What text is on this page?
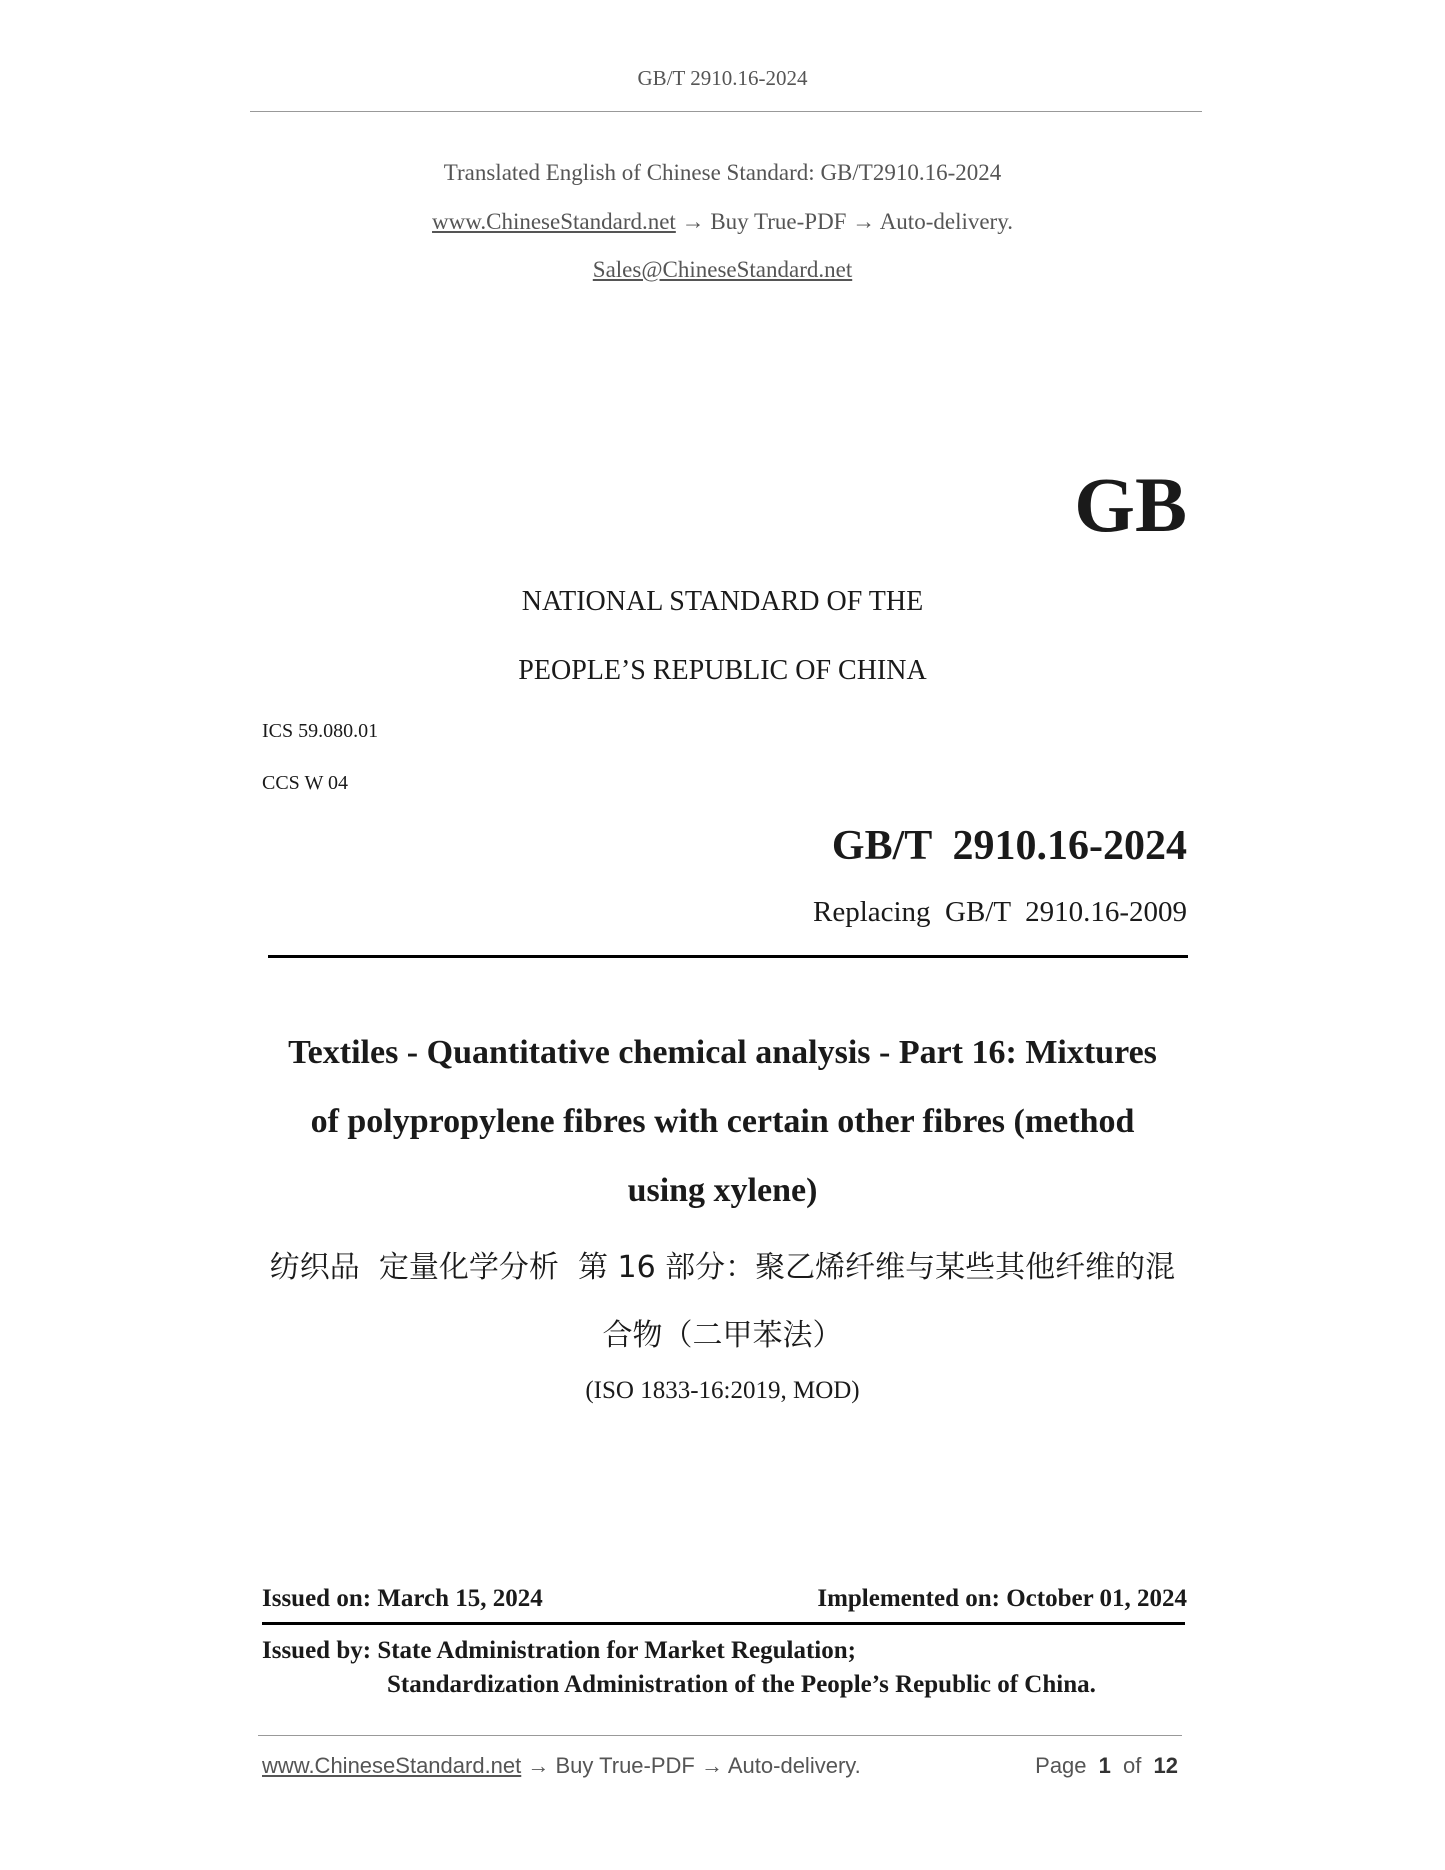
GB/T 2910.16-2024
Translated English of Chinese Standard: GB/T2910.16-2024
www.ChineseStandard.net → Buy True-PDF → Auto-delivery.
Sales@ChineseStandard.net
GB
NATIONAL STANDARD OF THE
PEOPLE’S REPUBLIC OF CHINA
ICS 59.080.01
CCS W 04
GB/T  2910.16-2024
Replacing  GB/T  2910.16-2009
Textiles - Quantitative chemical analysis - Part 16: Mixtures
of polypropylene fibres with certain other fibres (method
using xylene)
纺织品  定量化学分析  第 16 部分：聚乙烯纤维与某些其他纤维的混
合物（二甲苯法）
(ISO 1833-16:2019, MOD)
Issued on: March 15, 2024	Implemented on: October 01, 2024
Issued by: State Administration for Market Regulation;
Standardization Administration of the People’s Republic of China.
www.ChineseStandard.net → Buy True-PDF → Auto-delivery.	Page 1 of 12
